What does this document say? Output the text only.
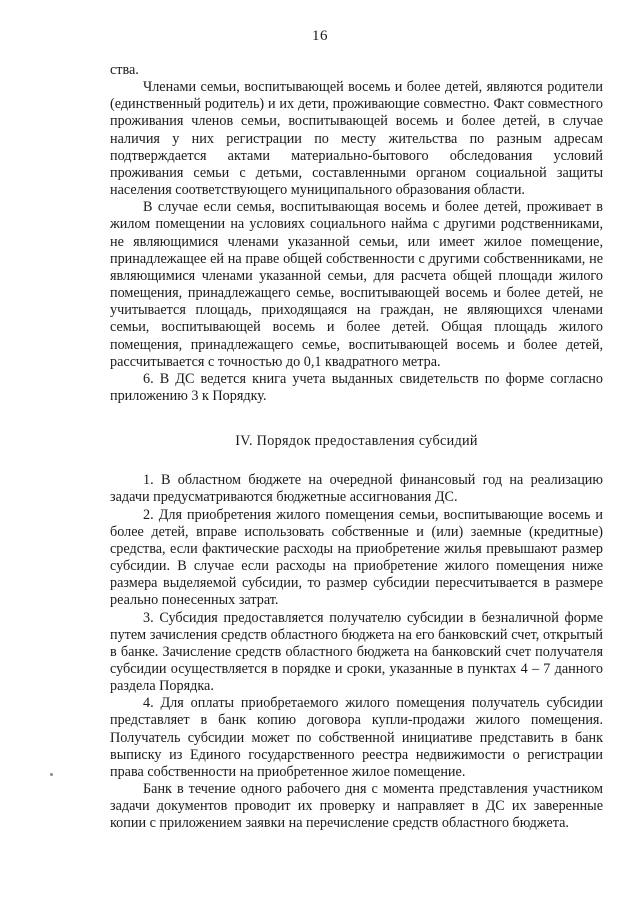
16

ства.

Членами семьи, воспитывающей восемь и более детей, являются родители (единственный родитель) и их дети, проживающие совместно. Факт совместного проживания членов семьи, воспитывающей восемь и более детей, в случае наличия у них регистрации по месту жительства по разным адресам подтверждается актами материально-бытового обследования условий проживания семьи с детьми, составленными органом социальной защиты населения соответствующего муниципального образования области.

В случае если семья, воспитывающая восемь и более детей, проживает в жилом помещении на условиях социального найма с другими родственниками, не являющимися членами указанной семьи, или имеет жилое помещение, принадлежащее ей на праве общей собственности с другими собственниками, не являющимися членами указанной семьи, для расчета общей площади жилого помещения, принадлежащего семье, воспитывающей восемь и более детей, не учитывается площадь, приходящаяся на граждан, не являющихся членами семьи, воспитывающей восемь и более детей. Общая площадь жилого помещения, принадлежащего семье, воспитывающей восемь и более детей, рассчитывается с точностью до 0,1 квадратного метра.

6. В ДС ведется книга учета выданных свидетельств по форме согласно приложению 3 к Порядку.

IV. Порядок предоставления субсидий

1. В областном бюджете на очередной финансовый год на реализацию задачи предусматриваются бюджетные ассигнования ДС.

2. Для приобретения жилого помещения семьи, воспитывающие восемь и более детей, вправе использовать собственные и (или) заемные (кредитные) средства, если фактические расходы на приобретение жилья превышают размер субсидии. В случае если расходы на приобретение жилого помещения ниже размера выделяемой субсидии, то размер субсидии пересчитывается в размере реально понесенных затрат.

3. Субсидия предоставляется получателю субсидии в безналичной форме путем зачисления средств областного бюджета на его банковский счет, открытый в банке. Зачисление средств областного бюджета на банковский счет получателя субсидии осуществляется в порядке и сроки, указанные в пунктах 4 – 7 данного раздела Порядка.

4. Для оплаты приобретаемого жилого помещения получатель субсидии представляет в банк копию договора купли-продажи жилого помещения. Получатель субсидии может по собственной инициативе представить в банк выписку из Единого государственного реестра недвижимости о регистрации права собственности на приобретенное жилое помещение.

Банк в течение одного рабочего дня с момента представления участником задачи документов проводит их проверку и направляет в ДС их заверенные копии с приложением заявки на перечисление средств областного бюджета.
